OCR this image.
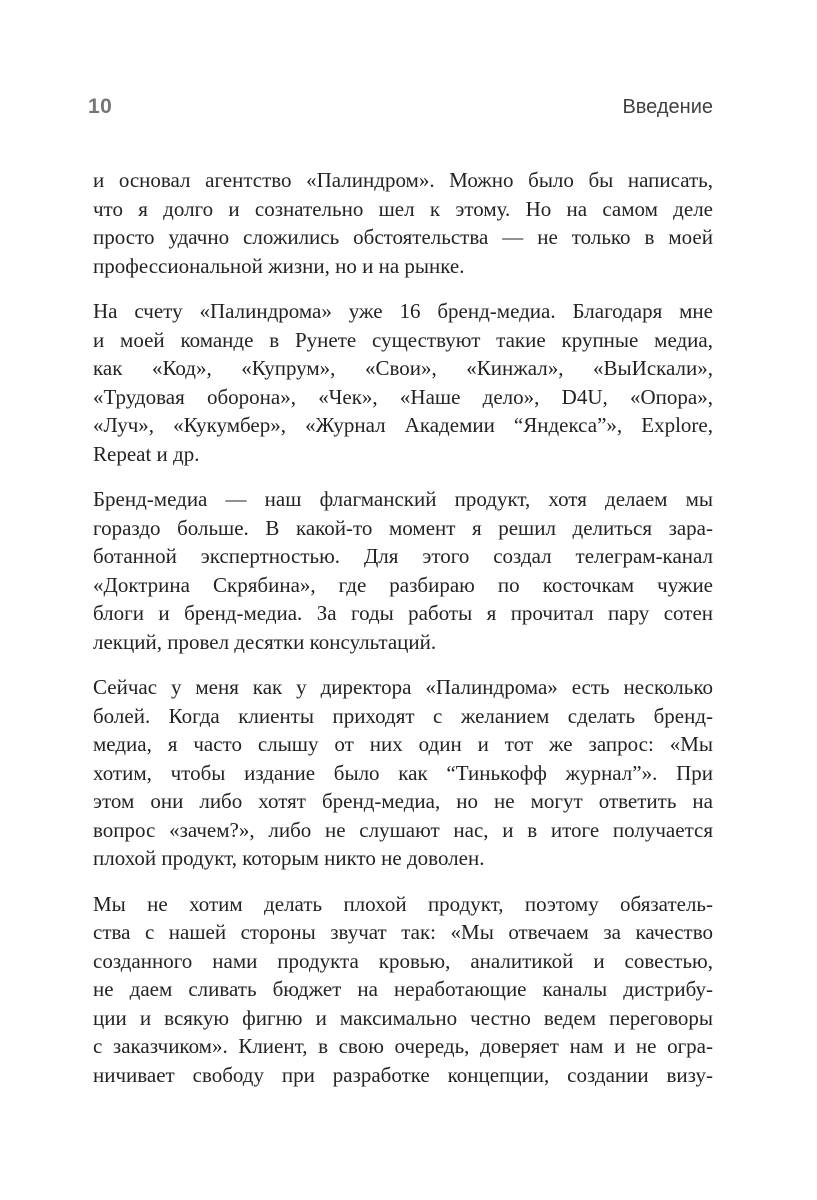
10	Введение

и основал агентство «Палиндром». Можно было бы написать,
что я долго и сознательно шел к этому. Но на самом деле
просто удачно сложились обстоятельства — не только в моей
профессиональной жизни, но и на рынке.

На счету «Палиндрома» уже 16 бренд-медиа. Благодаря мне
и моей команде в Рунете существуют такие крупные медиа,
как «Код», «Купрум», «Свои», «Кинжал», «ВыИскали»,
«Трудовая оборона», «Чек», «Наше дело», D4U, «Опора»,
«Луч», «Кукумбер», «Журнал Академии “Яндекса”», Explore,
Repeat и др.

Бренд-медиа — наш флагманский продукт, хотя делаем мы
гораздо больше. В какой-то момент я решил делиться зара-
ботанной экспертностью. Для этого создал телеграм-канал
«Доктрина Скрябина», где разбираю по косточкам чужие
блоги и бренд-медиа. За годы работы я прочитал пару сотен
лекций, провел десятки консультаций.

Сейчас у меня как у директора «Палиндрома» есть несколько
болей. Когда клиенты приходят с желанием сделать бренд-
медиа, я часто слышу от них один и тот же запрос: «Мы
хотим, чтобы издание было как “Тинькофф журнал”». При
этом они либо хотят бренд-медиа, но не могут ответить на
вопрос «зачем?», либо не слушают нас, и в итоге получается
плохой продукт, которым никто не доволен.

Мы не хотим делать плохой продукт, поэтому обязатель-
ства с нашей стороны звучат так: «Мы отвечаем за качество
созданного нами продукта кровью, аналитикой и совестью,
не даем сливать бюджет на неработающие каналы дистрибу-
ции и всякую фигню и максимально честно ведем переговоры
с заказчиком». Клиент, в свою очередь, доверяет нам и не огра-
ничивает свободу при разработке концепции, создании визу-
